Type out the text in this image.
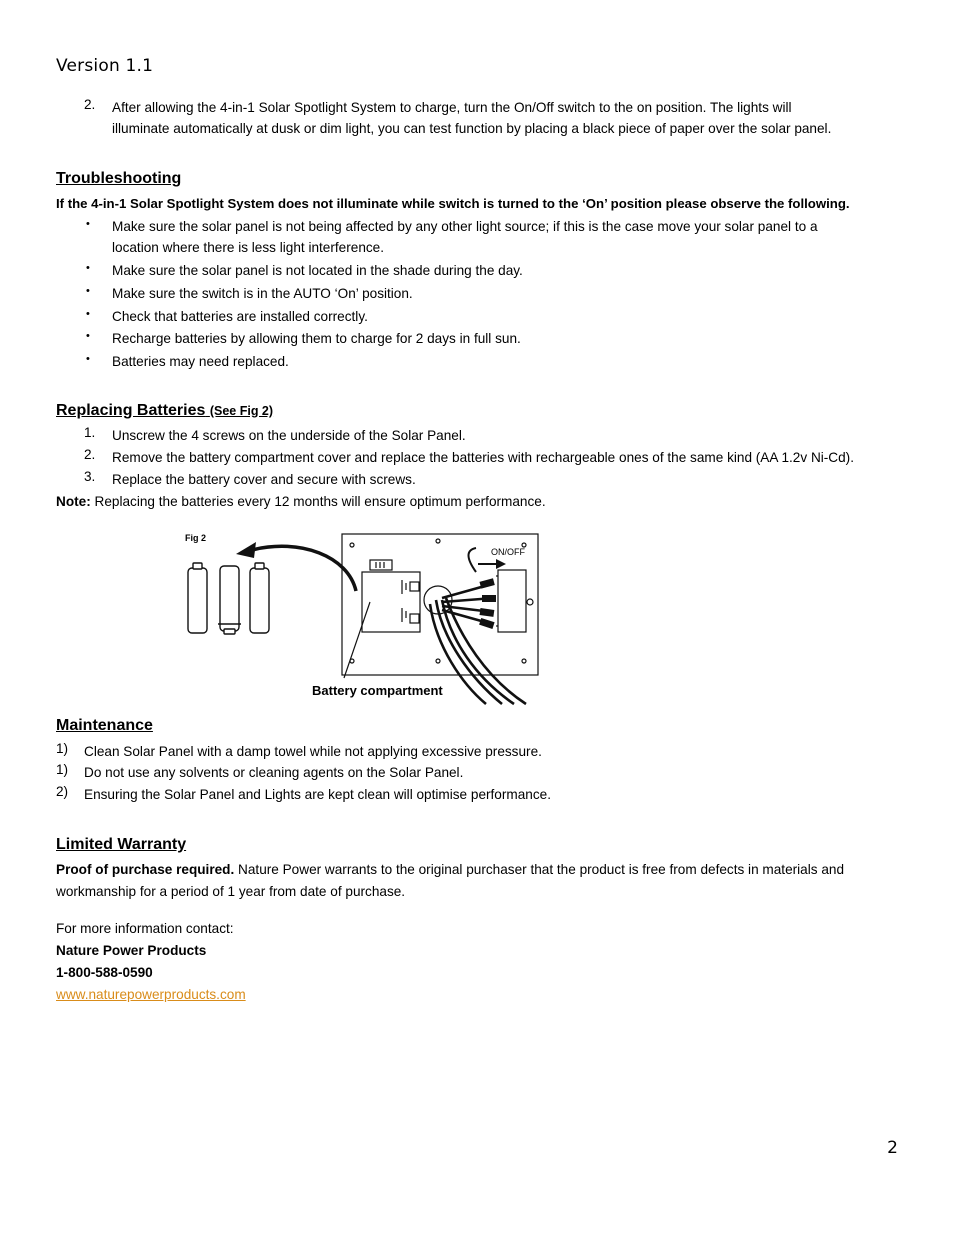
Version 1.1
2. After allowing the 4-in-1 Solar Spotlight System to charge, turn the On/Off switch to the on position. The lights will
illuminate automatically at dusk or dim light, you can test function by placing a black piece of paper over the solar panel.
Troubleshooting
If the 4-in-1 Solar Spotlight System does not illuminate while switch is turned to the ‘On’ position please observe the following.
• Make sure the solar panel is not being affected by any other light source; if this is the case move your solar panel to a
location where there is less light interference.
• Make sure the solar panel is not located in the shade during the day.
• Make sure the switch is in the AUTO ‘On’ position.
• Check that batteries are installed correctly.
• Recharge batteries by allowing them to charge for 2 days in full sun.
• Batteries may need replaced.
Replacing Batteries (See Fig 2)
1. Unscrew the 4 screws on the underside of the Solar Panel.
2. Remove the battery compartment cover and replace the batteries with rechargeable ones of the same kind (AA 1.2v Ni-Cd).
3. Replace the battery cover and secure with screws.
Note: Replacing the batteries every 12 months will ensure optimum performance.
Fig 2
ON/OFF
Battery compartment
Maintenance
1) Clean Solar Panel with a damp towel while not applying excessive pressure.
1) Do not use any solvents or cleaning agents on the Solar Panel.
2) Ensuring the Solar Panel and Lights are kept clean will optimise performance.
Limited Warranty
Proof of purchase required. Nature Power warrants to the original purchaser that the product is free from defects in materials and
workmanship for a period of 1 year from date of purchase.
For more information contact:
Nature Power Products
1-800-588-0590
www.naturepowerproducts.com
2
